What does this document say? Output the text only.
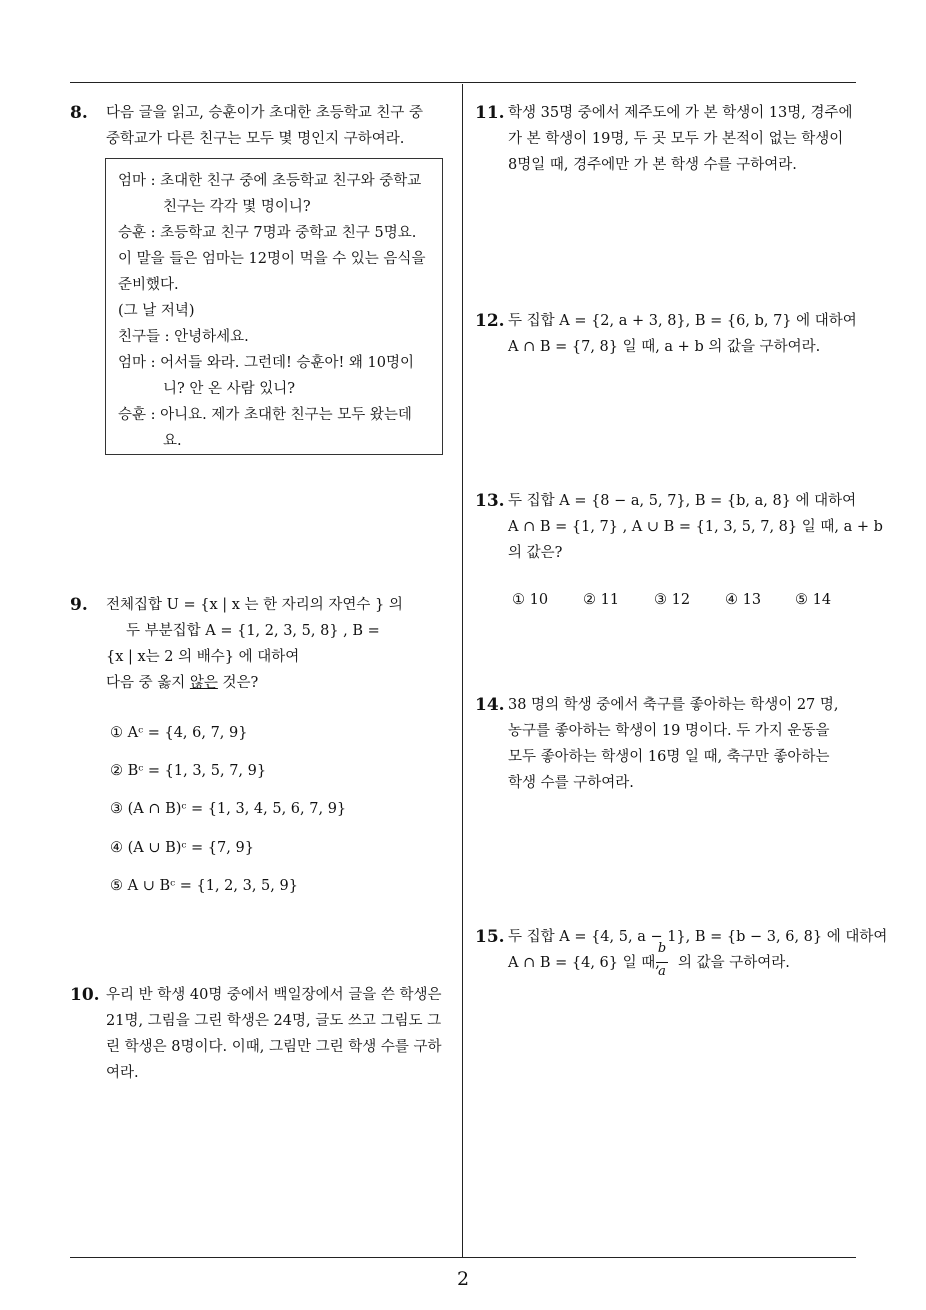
8. 다음 글을 읽고, 승훈이가 초대한 초등학교 친구 중
중학교가 다른 친구는 모두 몇 명인지 구하여라.
엄마 : 초대한 친구 중에 초등학교 친구와 중학교
친구는 각각 몇 명이니?
승훈 : 초등학교 친구 7명과 중학교 친구 5명요.
이 말을 들은 엄마는 12명이 먹을 수 있는 음식을
준비했다.
(그 날 저녁)
친구들 : 안녕하세요.
엄마 : 어서들 와라. 그런데! 승훈아! 왜 10명이
니? 안 온 사람 있니?
승훈 : 아니요. 제가 초대한 친구는 모두 왔는데
요.
9. 전체집합 U = {x | x 는 한 자리의 자연수 } 의
두 부분집합 A = {1, 2, 3, 5, 8} , B =
{x | x는 2 의 배수} 에 대하여
다음 중 옳지 않은 것은?
① Aᶜ = {4, 6, 7, 9}
② Bᶜ = {1, 3, 5, 7, 9}
③ (A ∩ B)ᶜ = {1, 3, 4, 5, 6, 7, 9}
④ (A ∪ B)ᶜ = {7, 9}
⑤ A ∪ Bᶜ = {1, 2, 3, 5, 9}
10. 우리 반 학생 40명 중에서 백일장에서 글을 쓴 학생은
21명, 그림을 그린 학생은 24명, 글도 쓰고 그림도 그
린 학생은 8명이다. 이때, 그림만 그린 학생 수를 구하
여라.
11. 학생 35명 중에서 제주도에 가 본 학생이 13명, 경주에
가 본 학생이 19명, 두 곳 모두 가 본적이 없는 학생이
8명일 때, 경주에만 가 본 학생 수를 구하여라.
12. 두 집합 A = {2, a + 3, 8}, B = {6, b, 7} 에 대하여
A ∩ B = {7, 8} 일 때, a + b 의 값을 구하여라.
13. 두 집합 A = {8 − a, 5, 7}, B = {b, a, 8} 에 대하여
A ∩ B = {1, 7} , A ∪ B = {1, 3, 5, 7, 8} 일 때, a + b
의 값은?
① 10 ② 11 ③ 12 ④ 13 ⑤ 14
14. 38 명의 학생 중에서 축구를 좋아하는 학생이 27 명,
농구를 좋아하는 학생이 19 명이다. 두 가지 운동을
모두 좋아하는 학생이 16명 일 때, 축구만 좋아하는
학생 수를 구하여라.
15. 두 집합 A = {4, 5, a − 1}, B = {b − 3, 6, 8} 에 대하여
A ∩ B = {4, 6} 일 때,
b
a
의 값을 구하여라.
2
